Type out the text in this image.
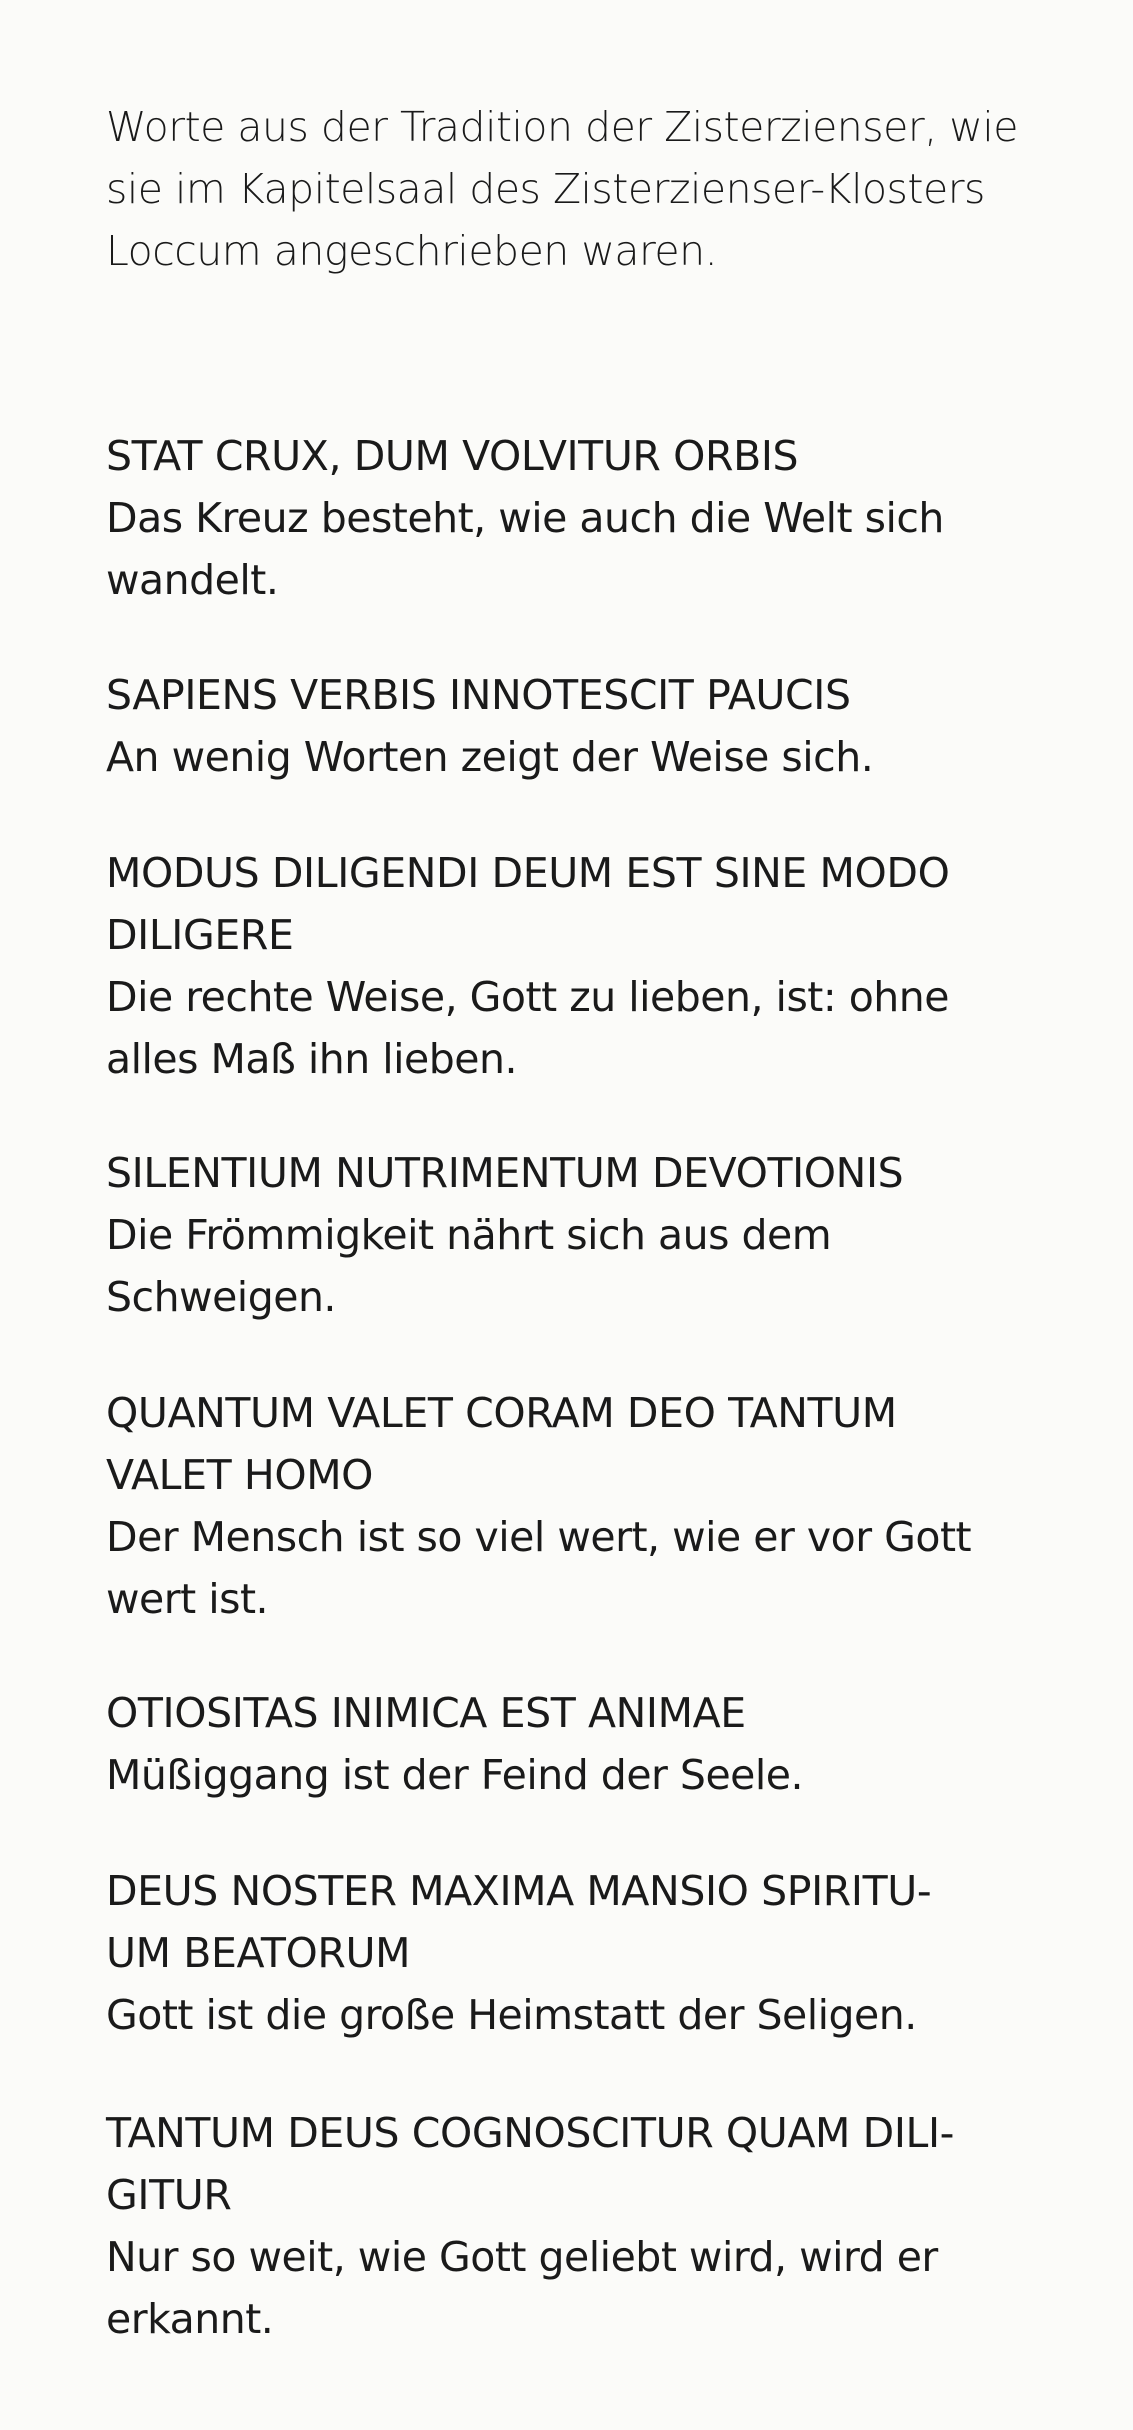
Worte aus der Tradition der Zisterzienser, wie
sie im Kapitelsaal des Zisterzienser-Klosters
Loccum angeschrieben waren.
STAT CRUX, DUM VOLVITUR ORBIS
Das Kreuz besteht, wie auch die Welt sich
wandelt.
SAPIENS VERBIS INNOTESCIT PAUCIS
An wenig Worten zeigt der Weise sich.
MODUS DILIGENDI DEUM EST SINE MODO
DILIGERE
Die rechte Weise, Gott zu lieben, ist: ohne
alles Maß ihn lieben.
SILENTIUM NUTRIMENTUM DEVOTIONIS
Die Frömmigkeit nährt sich aus dem
Schweigen.
QUANTUM VALET CORAM DEO TANTUM
VALET HOMO
Der Mensch ist so viel wert, wie er vor Gott
wert ist.
OTIOSITAS INIMICA EST ANIMAE
Müßiggang ist der Feind der Seele.
DEUS NOSTER MAXIMA MANSIO SPIRITU-
UM BEATORUM
Gott ist die große Heimstatt der Seligen.
TANTUM DEUS COGNOSCITUR QUAM DILI-
GITUR
Nur so weit, wie Gott geliebt wird, wird er
erkannt.
